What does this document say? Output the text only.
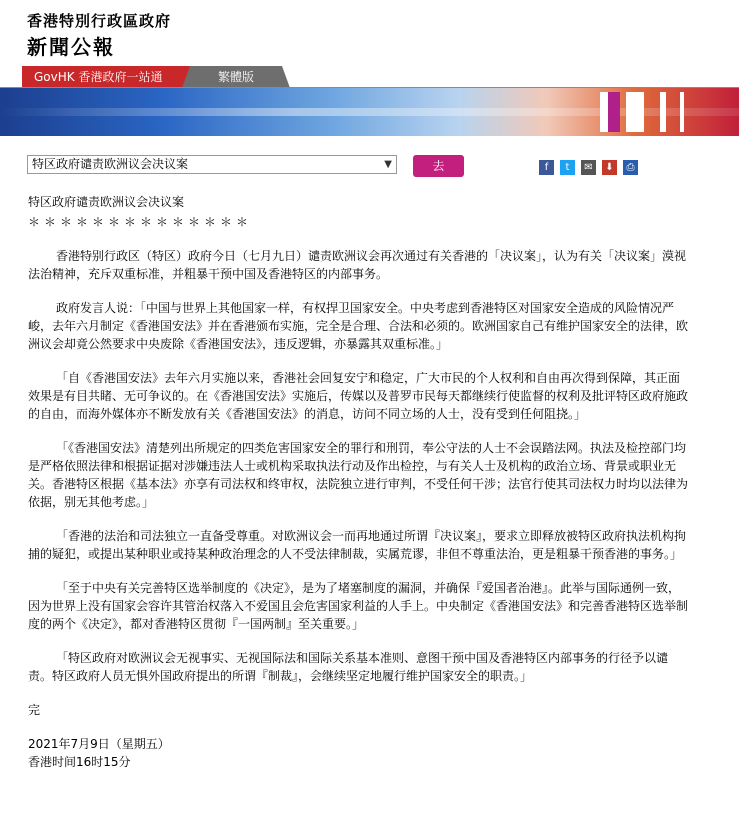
香港特別行政區政府
新聞公報
GovHK 香港政府一站通	繁體版
特区政府谴责欧洲议会决议案	▼	去	f	t	✉	⬇	⎙

特区政府谴责欧洲议会决议案

＊＊＊＊＊＊＊＊＊＊＊＊＊＊

香港特别行政区（特区）政府今日（七月九日）谴责欧洲议会再次通过有关香港的「决议案」，认为有关「决议案」漠视法治精神，充斥双重标准，并粗暴干预中国及香港特区的内部事务。

政府发言人说：「中国与世界上其他国家一样，有权捍卫国家安全。中央考虑到香港特区对国家安全造成的风险情况严峻，去年六月制定《香港国安法》并在香港颁布实施，完全是合理、合法和必须的。欧洲国家自己有维护国家安全的法律，欧洲议会却竟公然要求中央废除《香港国安法》，违反逻辑，亦暴露其双重标准。」

「自《香港国安法》去年六月实施以来，香港社会回复安宁和稳定，广大市民的个人权利和自由再次得到保障，其正面效果是有目共睹、无可争议的。在《香港国安法》实施后，传媒以及普罗市民每天都继续行使监督的权利及批评特区政府施政的自由，而海外媒体亦不断发放有关《香港国安法》的消息，访问不同立场的人士，没有受到任何阻挠。」

「《香港国安法》清楚列出所规定的四类危害国家安全的罪行和刑罚，奉公守法的人士不会误踏法网。执法及检控部门均是严格依照法律和根据证据对涉嫌违法人士或机构采取执法行动及作出检控，与有关人士及机构的政治立场、背景或职业无关。香港特区根据《基本法》亦享有司法权和终审权，法院独立进行审判，不受任何干涉；法官行使其司法权力时均以法律为依据，别无其他考虑。」

「香港的法治和司法独立一直备受尊重。对欧洲议会一而再地通过所谓『决议案』，要求立即释放被特区政府执法机构拘捕的疑犯，或提出某种职业或持某种政治理念的人不受法律制裁，实属荒谬，非但不尊重法治，更是粗暴干预香港的事务。」

「至于中央有关完善特区选举制度的《决定》，是为了堵塞制度的漏洞，并确保『爱国者治港』。此举与国际通例一致，因为世界上没有国家会容许其管治权落入不爱国且会危害国家利益的人手上。中央制定《香港国安法》和完善香港特区选举制度的两个《决定》，都对香港特区贯彻『一国两制』至关重要。」

「特区政府对欧洲议会无视事实、无视国际法和国际关系基本准则、意图干预中国及香港特区内部事务的行径予以谴责。特区政府人员无惧外国政府提出的所谓『制裁』，会继续坚定地履行维护国家安全的职责。」

完

2021年7月9日（星期五）

香港时间16时15分
